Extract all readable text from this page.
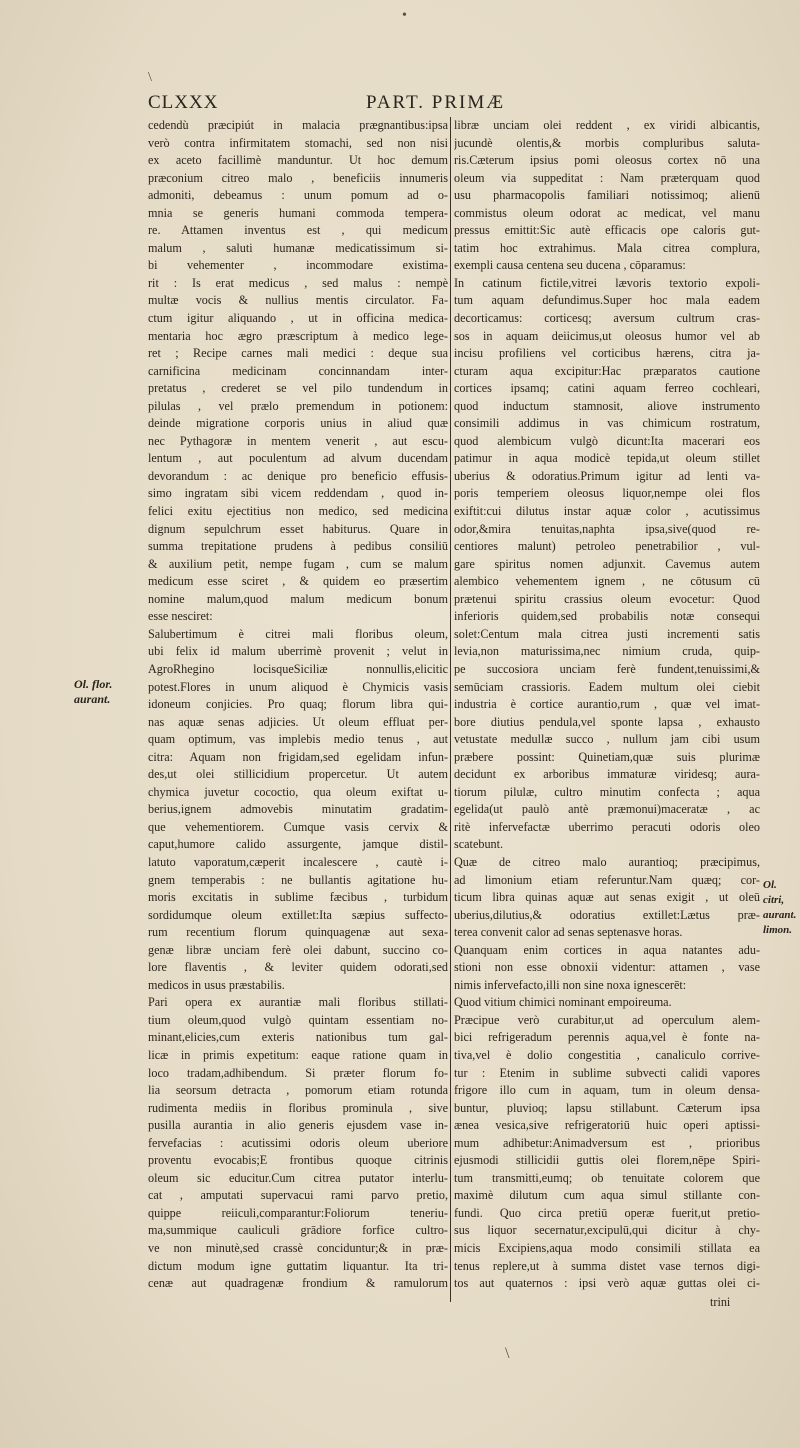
•
\
CLXXX	PART. PRIMÆ
cedendù præcipiút in malacia prægnantibus:ipsa
verò contra infirmitatem stomachi, sed non nisi
ex aceto facillimè manduntur. Ut hoc demum
præconium citreo malo , beneficiis innumeris
admoniti, debeamus : unum pomum ad o-
mnia se generis humani commoda tempera-
re. Attamen inventus est , qui medicum
malum , saluti humanæ medicatissimum si-
bi vehementer , incommodare existima-
rit : Is erat medicus , sed malus : nempè
multæ vocis & nullius mentis circulator. Fa-
ctum igitur aliquando , ut in officina medica-
mentaria hoc ægro præscriptum à medico lege-
ret ; Recipe carnes mali medici : deque sua
carnificina medicinam concinnandam inter-
pretatus , crederet se vel pilo tundendum in
pilulas , vel prælo premendum in potionem:
deinde migratione corporis unius in aliud quæ
nec Pythagoræ in mentem venerit , aut escu-
lentum , aut poculentum ad alvum ducendam
devorandum : ac denique pro beneficio effusis-
simo ingratam sibi vicem reddendam , quod in-
felici exitu ejectitius non medico, sed medicina
dignum sepulchrum esset habiturus. Quare in
summa trepitatione prudens à pedibus consiliū
& auxilium petit, nempe fugam , cum se malum
medicum esse sciret , & quidem eo præsertim
nomine malum,quod malum medicum bonum
esse nesciret:
Salubertimum è citrei mali floribus oleum,
ubi felix id malum uberrimè provenit ; velut in
AgroRhegino locisqueSiciliæ nonnullis,elicitic
potest.Flores in unum aliquod è Chymicis vasis
idoneum conjicies. Pro quaq; florum libra qui-
nas aquæ senas adjicies. Ut oleum effluat per-
quam optimum, vas implebis medio tenus , aut
citra: Aquam non frigidam,sed egelidam infun-
des,ut olei stillicidium propercetur. Ut autem
chymica juvetur cococtio, qua oleum exiftat u-
berius,ignem admovebis minutatim gradatim-
que vehementiorem. Cumque vasis cervix &
caput,humore calido assurgente, jamque distil-
latuto vaporatum,cæperit incalescere , cautè i-
gnem temperabis : ne bullantis agitatione hu-
moris excitatis in sublime fæcibus , turbidum
sordidumque oleum extillet:Ita sæpius suffecto-
rum recentium florum quinquagenæ aut sexa-
genæ libræ unciam ferè olei dabunt, succino co-
lore flaventis , & leviter quidem odorati,sed
medicos in usus præstabilis.
Pari opera ex aurantiæ mali floribus stillati-
tium oleum,quod vulgò quintam essentiam no-
minant,elicies,cum exteris nationibus tum gal-
licæ in primis expetitum: eaque ratione quam in
loco tradam,adhibendum. Si præter florum fo-
lia seorsum detracta , pomorum etiam rotunda
rudimenta mediis in floribus prominula , sive
pusilla aurantia in alio generis ejusdem vase in-
fervefacias : acutissimi odoris oleum uberiore
proventu evocabis;E frontibus quoque citrinis
oleum sic educitur.Cum citrea putator interlu-
cat , amputati supervacui rami parvo pretio,
quippe reiiculi,comparantur:Foliorum teneriu-
ma,summique cauliculi grādiore forfice cultro-
ve non minutè,sed crassè conciduntur;& in præ-
dictum modum igne guttatim liquantur. Ita tri-
cenæ aut quadragenæ frondium & ramulorum
libræ unciam olei reddent , ex viridi albicantis,
jucundè olentis,& morbis compluribus saluta-
ris.Cæterum ipsius pomi oleosus cortex nō una
oleum via suppeditat : Nam præterquam quod
usu pharmacopolis familiari notissimoq; alienū
commistus oleum odorat ac medicat, vel manu
pressus emittit:Sic autè efficacis ope caloris gut-
tatim hoc extrahimus. Mala citrea complura,
exempli causa centena seu ducena , cōparamus:
In catinum fictile,vitrei lævoris textorio expoli-
tum aquam defundimus.Super hoc mala eadem
decorticamus: corticesq; aversum cultrum cras-
sos in aquam deiicimus,ut oleosus humor vel ab
incisu profiliens vel corticibus hærens, citra ja-
cturam aqua excipitur:Hac præparatos cautione
cortices ipsamq; catini aquam ferreo cochleari,
quod inductum stamnosit, aliove instrumento
consimili addimus in vas chimicum rostratum,
quod alembicum vulgò dicunt:Ita macerari eos
patimur in aqua modicè tepida,ut oleum stillet
uberius & odoratius.Primum igitur ad lenti va-
poris temperiem oleosus liquor,nempe olei flos
exiftit:cui dilutus instar aquæ color , acutissimus
odor,&mira tenuitas,naphta ipsa,sive(quod re-
centiores malunt) petroleo penetrabilior , vul-
gare spiritus nomen adjunxit. Cavemus autem
alembico vehementem ignem , ne cōtusum cū
prætenui spiritu crassius oleum evocetur: Quod
inferioris quidem,sed probabilis notæ consequi
solet:Centum mala citrea justi incrementi satis
levia,non maturissima,nec nimium cruda, quip-
pe succosiora unciam ferè fundent,tenuissimi,&
semūciam crassioris. Eadem multum olei ciebit
industria è cortice aurantio,rum , quæ vel imat-
bore diutius pendula,vel sponte lapsa , exhausto
vetustate medullæ succo , nullum jam cibi usum
præbere possint: Quinetiam,quæ suis plurimæ
decidunt ex arboribus immaturæ viridesq; aura-
tiorum pilulæ, cultro minutim confecta ; aqua
egelida(ut paulò antè præmonui)maceratæ , ac
ritè infervefactæ uberrimo peracuti odoris oleo
scatebunt.
Quæ de citreo malo aurantioq; præcipimus,
ad limonium etiam referuntur.Nam quæq; cor-
ticum libra quinas aquæ aut senas exigit , ut oleū
uberius,dilutius,& odoratius extillet:Lætus præ-
terea convenit calor ad senas septenasve horas.
Quanquam enim cortices in aqua natantes adu-
stioni non esse obnoxii videntur: attamen , vase
nimis infervefacto,illi non sine noxa ignescerēt:
Quod vitium chimici nominant empoireuma.
Præcipue verò curabitur,ut ad operculum alem-
bici refrigeradum perennis aqua,vel è fonte na-
tiva,vel è dolio congestitia , canaliculo corrive-
tur : Etenim in sublime subvecti calidi vapores
frigore illo cum in aquam, tum in oleum densa-
buntur, pluvioq; lapsu stillabunt. Cæterum ipsa
ænea vesica,sive refrigeratoriū huic operi aptissi-
mum adhibetur:Animadversum est , prioribus
ejusmodi stillicidii guttis olei florem,nēpe Spiri-
tum transmitti,eumq; ob tenuitate colorem que
maximè dilutum cum aqua simul stillante con-
fundi. Quo circa pretiū operæ fuerit,ut pretio-
sus liquor secernatur,excipulū,qui dicitur à chy-
micis Excipiens,aqua modo consimili stillata ea
tenus replere,ut à summa distet vase ternos digi-
tos aut quaternos : ipsi verò aquæ guttas olei ci-
Ol. flor.
aurant.
Ol. citri,
aurant.
limon.
trini
\
